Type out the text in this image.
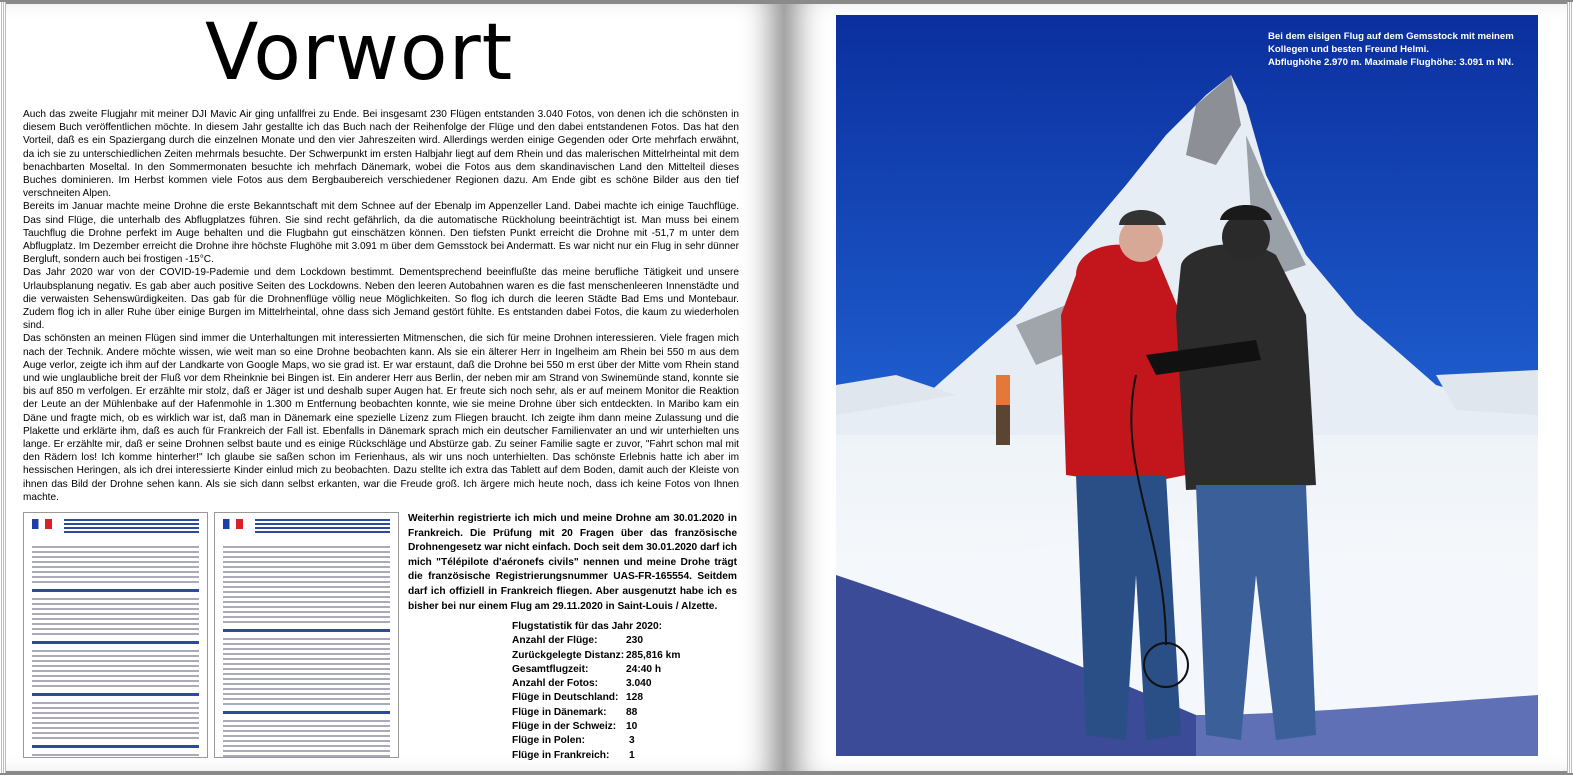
Vorwort

Auch das zweite Flugjahr mit meiner DJI Mavic Air ging unfallfrei zu Ende. Bei insgesamt 230 Flügen entstanden 3.040 Fotos, von denen ich die schönsten in diesem Buch veröffentlichen möchte. In diesem Jahr gestallte ich das Buch nach der Reihenfolge der Flüge und den dabei entstandenen Fotos. Das hat den Vorteil, daß es ein Spaziergang durch die einzelnen Monate und den vier Jahreszeiten wird. Allerdings werden einige Gegenden oder Orte mehrfach erwähnt, da ich sie zu unterschiedlichen Zeiten mehrmals besuchte. Der Schwerpunkt im ersten Halbjahr liegt auf dem Rhein und das malerischen Mittelrheintal mit dem benachbarten Moseltal. In den Sommermonaten besuchte ich mehrfach Dänemark, wobei die Fotos aus dem skandinavischen Land den Mittelteil dieses Buches dominieren. Im Herbst kommen viele Fotos aus dem Bergbaubereich verschiedener Regionen dazu. Am Ende gibt es schöne Bilder aus den tief verschneiten Alpen.

Bereits im Januar machte meine Drohne die erste Bekanntschaft mit dem Schnee auf der Ebenalp im Appenzeller Land. Dabei machte ich einige Tauchflüge. Das sind Flüge, die unterhalb des Abflugplatzes führen. Sie sind recht gefährlich, da die automatische Rückholung beeinträchtigt ist. Man muss bei einem Tauchflug die Drohne perfekt im Auge behalten und die Flugbahn gut einschätzen können. Den tiefsten Punkt erreicht die Drohne mit -51,7 m unter dem Abflugplatz. Im Dezember erreicht die Drohne ihre höchste Flughöhe mit 3.091 m über dem Gemsstock bei Andermatt. Es war nicht nur ein Flug in sehr dünner Bergluft, sondern auch bei frostigen -15°C.

Das Jahr 2020 war von der COVID-19-Pademie und dem Lockdown bestimmt. Dementsprechend beeinflußte das meine berufliche Tätigkeit und unsere Urlaubsplanung negativ. Es gab aber auch positive Seiten des Lockdowns. Neben den leeren Autobahnen waren es die fast menschenleeren Innenstädte und die verwaisten Sehenswürdigkeiten. Das gab für die Drohnenflüge völlig neue Möglichkeiten. So flog ich durch die leeren Städte Bad Ems und Montebaur. Zudem flog ich in aller Ruhe über einige Burgen im Mittelrheintal, ohne dass sich Jemand gestört fühlte. Es entstanden dabei Fotos, die kaum zu wiederholen sind.

Das schönsten an meinen Flügen sind immer die Unterhaltungen mit interessierten Mitmenschen, die sich für meine Drohnen interessieren. Viele fragen mich nach der Technik. Andere möchte wissen, wie weit man so eine Drohne beobachten kann. Als sie ein älterer Herr in Ingelheim am Rhein bei 550 m aus dem Auge verlor, zeigte ich ihm auf der Landkarte von Google Maps, wo sie grad ist. Er war erstaunt, daß die Drohne bei 550 m erst über der Mitte vom Rhein stand und wie unglaubliche breit der Fluß vor dem Rheinknie bei Bingen ist. Ein anderer Herr aus Berlin, der neben mir am Strand von Swinemünde stand, konnte sie bis auf 850 m verfolgen. Er erzählte mir stolz, daß er Jäger ist und deshalb super Augen hat. Er freute sich noch sehr, als er auf meinem Monitor die Reaktion der Leute an der Mühlenbake auf der Hafenmohle in 1.300 m Entfernung beobachten konnte, wie sie meine Drohne über sich entdeckten. In Maribo kam ein Däne und fragte mich, ob es wirklich war ist, daß man in Dänemark eine spezielle Lizenz zum Fliegen braucht. Ich zeigte ihm dann meine Zulassung und die Plakette und erklärte ihm, daß es auch für Frankreich der Fall ist. Ebenfalls in Dänemark sprach mich ein deutscher Familienvater an und wir unterhielten uns lange. Er erzählte mir, daß er seine Drohnen selbst baute und es einige Rückschläge und Abstürze gab. Zu seiner Familie sagte er zuvor, "Fahrt schon mal mit den Rädern los! Ich komme hinterher!" Ich glaube sie saßen schon im Ferienhaus, als wir uns noch unterhielten. Das schönste Erlebnis hatte ich aber im hessischen Heringen, als ich drei interessierte Kinder einlud mich zu beobachten. Dazu stellte ich extra das Tablett auf dem Boden, damit auch der Kleiste von ihnen das Bild der Drohne sehen kann. Als sie sich dann selbst erkanten, war die Freude groß. Ich ärgere mich heute noch, dass ich keine Fotos von Ihnen machte.

Weiterhin registrierte ich mich und meine Drohne am 30.01.2020 in Frankreich. Die Prüfung mit 20 Fragen über das französische Drohnengesetz war nicht einfach. Doch seit dem 30.01.2020 darf ich mich "Télépilote d'aéronefs civils" nennen und meine Drohe trägt die französische Registrierungsnummer UAS-FR-165554. Seitdem darf ich offiziell in Frankreich fliegen. Aber ausgenutzt habe ich es bisher bei nur einem Flug am 29.11.2020 in Saint-Louis / Alzette.
Flugstatistik für das Jahr 2020:
Anzahl der Flüge:	230
Zurückgelegte Distanz: 285,816 km
Gesamtflugzeit:	24:40 h
Anzahl der Fotos:	3.040
Flüge in Deutschland: 128
Flüge in Dänemark:	88
Flüge in der Schweiz: 10
Flüge in Polen:	3
Flüge in Frankreich:	1
Bei dem eisigen Flug auf dem Gemsstock mit meinem
Kollegen und besten Freund Helmi.
Abflughöhe 2.970 m. Maximale Flughöhe: 3.091 m NN.
